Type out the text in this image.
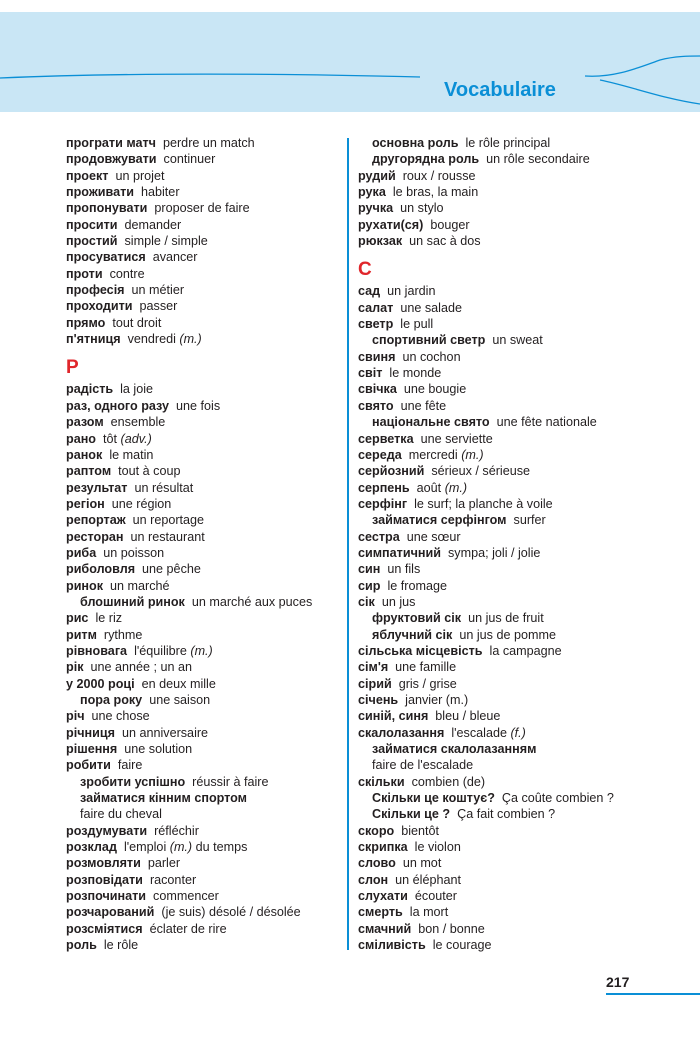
Vocabulaire
програти матч perdre un match
продовжувати continuer
проект un projet
проживати habiter
пропонувати proposer de faire
просити demander
простий simple / simple
просуватися avancer
проти contre
професія un métier
проходити passer
прямо tout droit
п'ятниця vendredi (m.)
Р
радість la joie
раз, одного разу une fois
разом ensemble
рано tôt (adv.)
ранок le matin
раптом tout à coup
результат un résultat
регіон une région
репортаж un reportage
ресторан un restaurant
риба un poisson
риболовля une pêche
ринок un marché
блошиний ринок un marché aux puces
рис le riz
ритм rythme
рівновага l'équilibre (m.)
рік une année ; un an
у 2000 році en deux mille
пора року une saison
річ une chose
річниця un anniversaire
рішення une solution
робити faire
зробити успішно réussir à faire
займатися кінним спортом
faire du cheval
роздумувати réfléchir
розклад l'emploi (m.) du temps
розмовляти parler
розповідати raconter
розпочинати commencer
розчарований (je suis) désolé / désolée
розсміятися éclater de rire
роль le rôle
основна роль le rôle principal
другорядна роль un rôle secondaire
рудий roux / rousse
рука le bras, la main
ручка un stylo
рухати(ся) bouger
рюкзак un sac à dos
С
сад un jardin
салат une salade
светр le pull
спортивний светр un sweat
свиня un cochon
світ le monde
свічка une bougie
свято une fête
національне свято une fête nationale
серветка une serviette
середа mercredi (m.)
серйозний sérieux / sérieuse
серпень août (m.)
серфінг le surf; la planche à voile
займатися серфінгом surfer
сестра une sœur
симпатичний sympa; joli / jolie
син un fils
сир le fromage
сік un jus
фруктовий сік un jus de fruit
яблучний сік un jus de pomme
сільська місцевість la campagne
сім'я une famille
сірий gris / grise
січень janvier (m.)
синій, синя bleu / bleue
скалолазання l'escalade (f.)
займатися скалолазанням
faire de l'escalade
скільки combien (de)
Скільки це коштує? Ça coûte combien ?
Скільки це ? Ça fait combien ?
скоро bientôt
скрипка le violon
слово un mot
слон un éléphant
слухати écouter
смерть la mort
смачний bon / bonne
сміливість le courage
217
